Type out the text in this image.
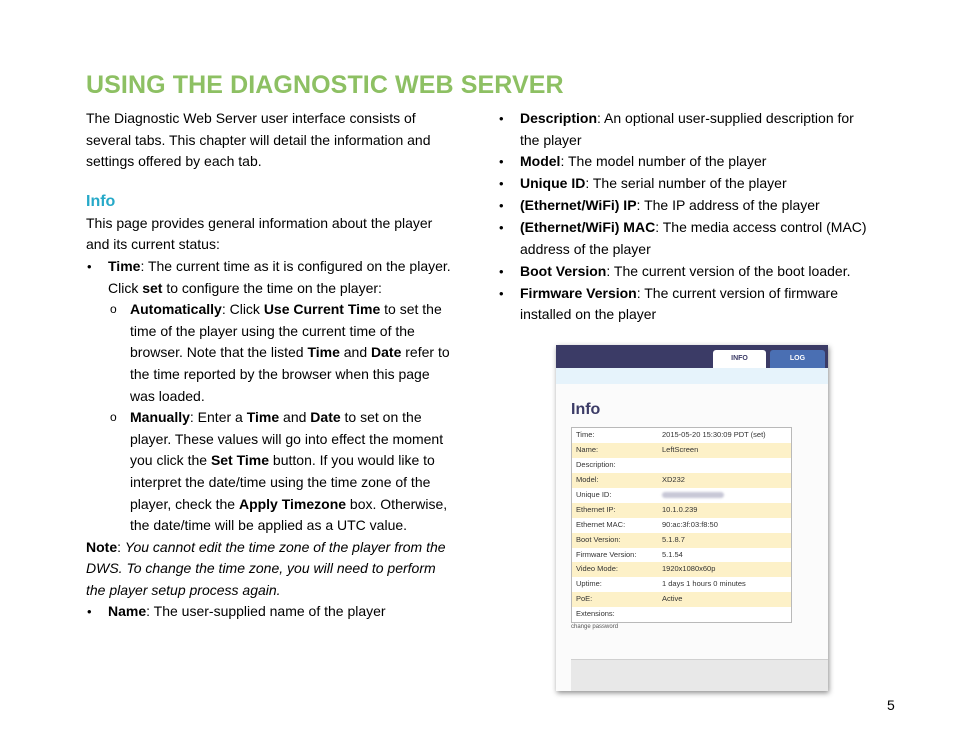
USING THE DIAGNOSTIC WEB SERVER

The Diagnostic Web Server user interface consists of several tabs. This chapter will detail the information and settings offered by each tab.

Info

This page provides general information about the player and its current status:

• Time: The current time as it is configured on the player. Click set to configure the time on the player:
o Automatically: Click Use Current Time to set the time of the player using the current time of the browser. Note that the listed Time and Date refer to the time reported by the browser when this page was loaded.
o Manually: Enter a Time and Date to set on the player. These values will go into effect the moment you click the Set Time button. If you would like to interpret the date/time using the time zone of the player, check the Apply Timezone box. Otherwise, the date/time will be applied as a UTC value.

Note: You cannot edit the time zone of the player from the DWS. To change the time zone, you will need to perform the player setup process again.

• Name: The user-supplied name of the player
• Description: An optional user-supplied description for the player
• Model: The model number of the player
• Unique ID: The serial number of the player
• (Ethernet/WiFi) IP: The IP address of the player
• (Ethernet/WiFi) MAC: The media access control (MAC) address of the player
• Boot Version: The current version of the boot loader.
• Firmware Version: The current version of firmware installed on the player
INFO	LOG
Info
Time:	2015-05-20 15:30:09 PDT (set)
Name:	LeftScreen
Description:
Model:	XD232
Unique ID:
Ethernet IP:	10.1.0.239
Ethernet MAC:	90:ac:3f:03:f8:50
Boot Version:	5.1.8.7
Firmware Version:	5.1.54
Video Mode:	1920x1080x60p
Uptime:	1 days 1 hours 0 minutes
PoE:	Active
Extensions:
change password
5
